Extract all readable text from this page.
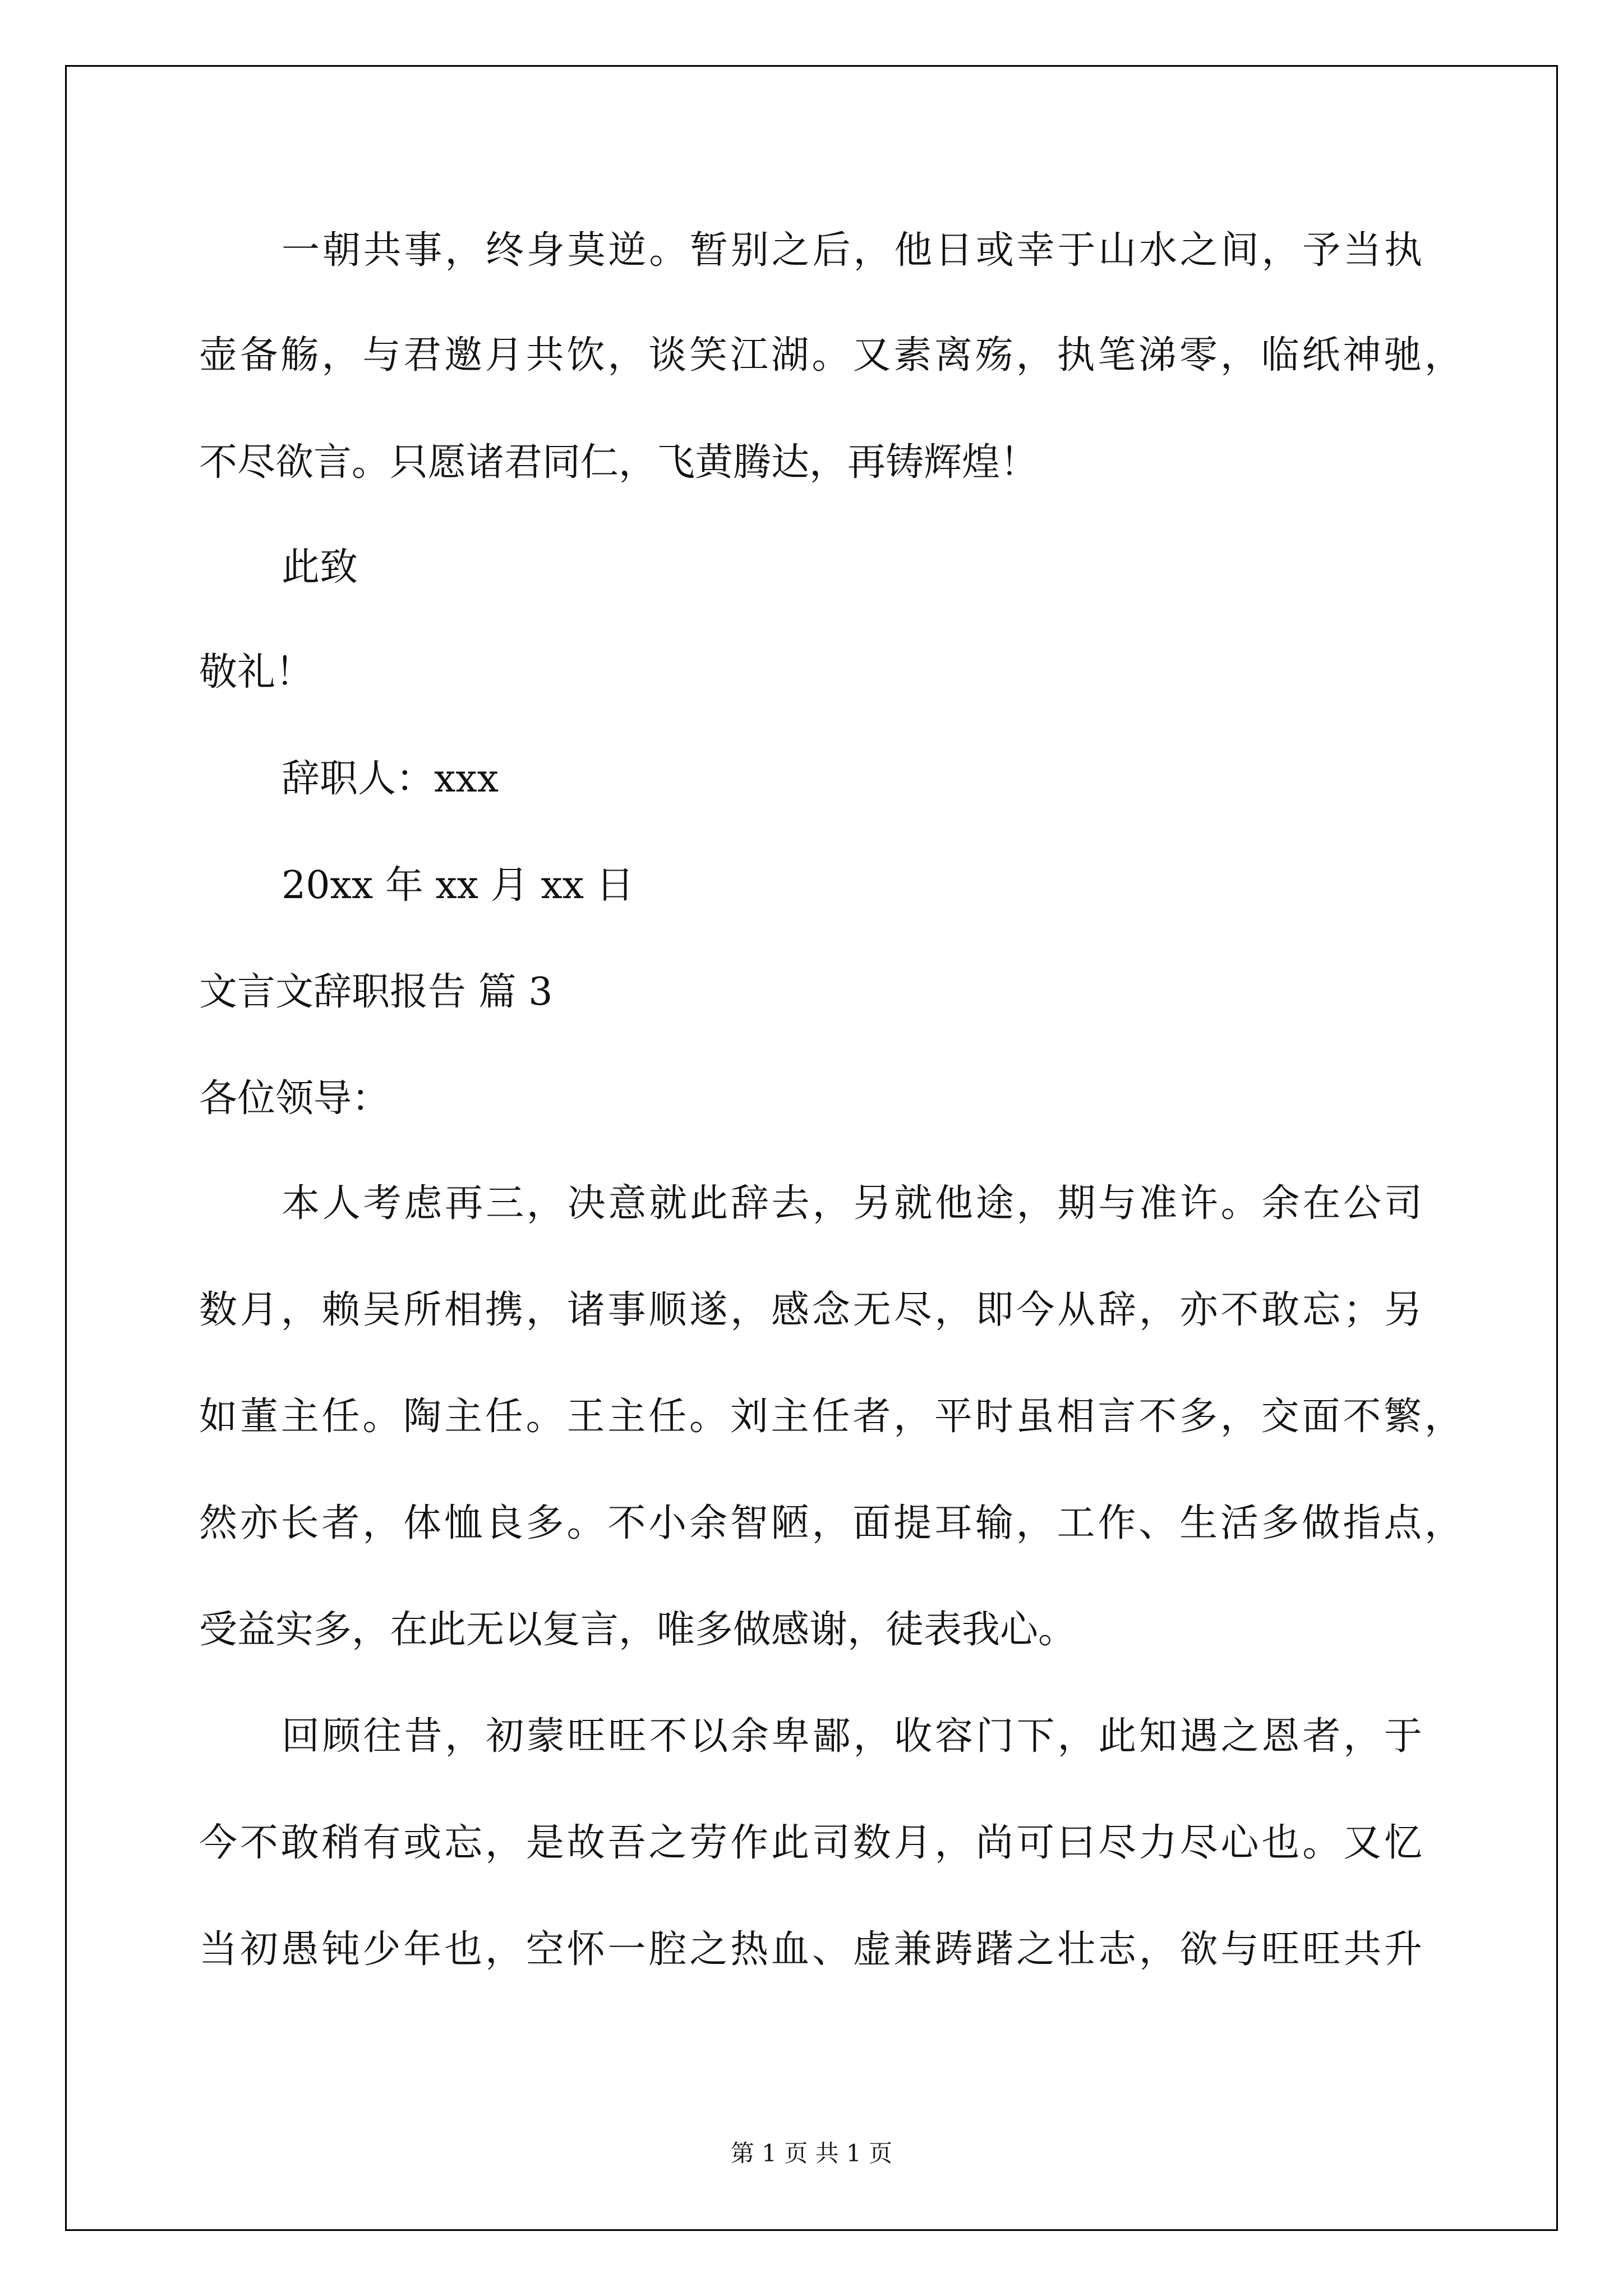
一朝共事，终身莫逆。暂别之后，他日或幸于山水之间，予当执

壶备觞，与君邀月共饮，谈笑江湖。又素离殇，执笔涕零，临纸神驰，

不尽欲言。只愿诸君同仁，飞黄腾达，再铸辉煌！

此致

敬礼！

辞职人：xxx

20xx 年 xx 月 xx 日

文言文辞职报告 篇 3

各位领导：

本人考虑再三，决意就此辞去，另就他途，期与准许。余在公司

数月，赖吴所相携，诸事顺遂，感念无尽，即今从辞，亦不敢忘；另

如董主任。陶主任。王主任。刘主任者，平时虽相言不多，交面不繁，

然亦长者，体恤良多。不小余智陋，面提耳输，工作、生活多做指点，

受益实多，在此无以复言，唯多做感谢，徒表我心。

回顾往昔，初蒙旺旺不以余卑鄙，收容门下，此知遇之恩者，于

今不敢稍有或忘，是故吾之劳作此司数月，尚可曰尽力尽心也。又忆

当初愚钝少年也，空怀一腔之热血、虚兼踌躇之壮志，欲与旺旺共升

第 1 页 共 1 页
